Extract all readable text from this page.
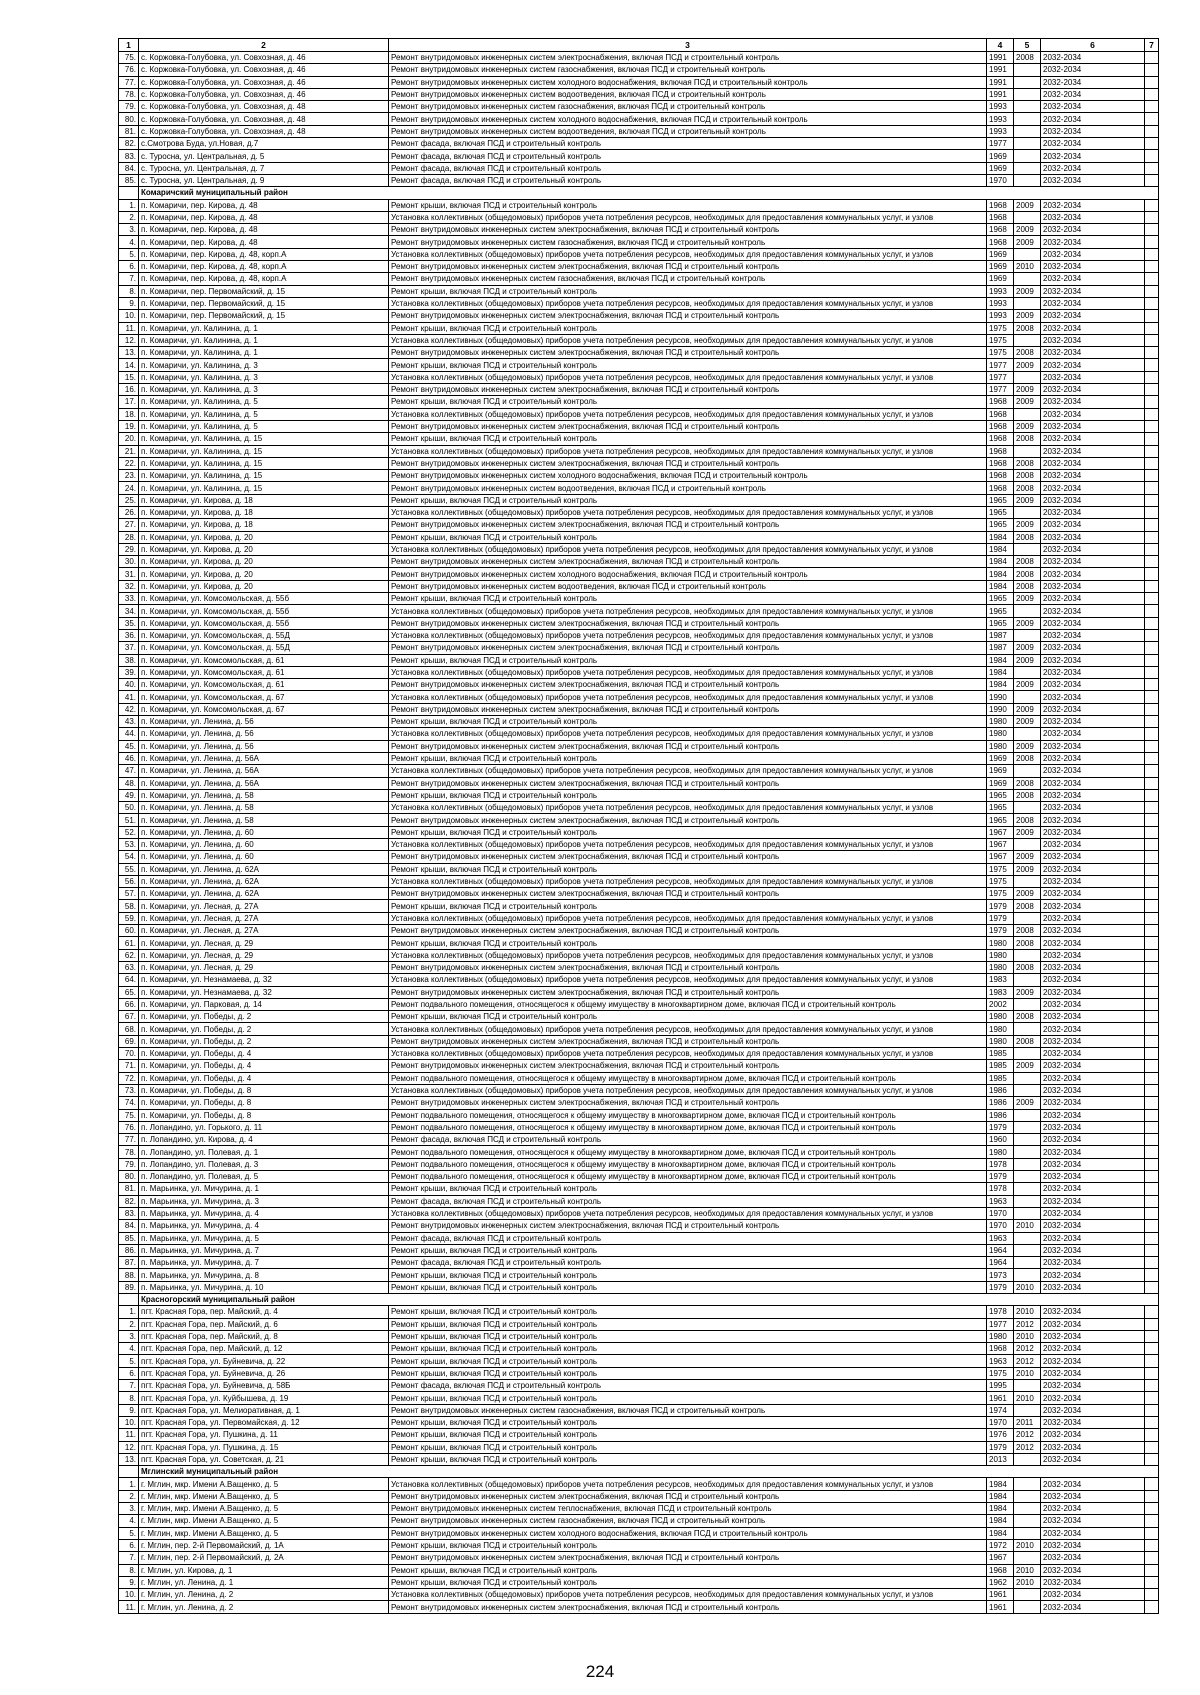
1	2	3	4	5	6	7
75.	с. Коржовка-Голубовка, ул. Совхозная, д. 46	Ремонт внутридомовых инженерных систем электроснабжения, включая ПСД и строительный контроль	1991	2008	2032-2034	
76.	с. Коржовка-Голубовка, ул. Совхозная, д. 46	Ремонт внутридомовых инженерных систем газоснабжения, включая ПСД и строительный контроль	1991		2032-2034	
77.	с. Коржовка-Голубовка, ул. Совхозная, д. 46	Ремонт внутридомовых инженерных систем холодного водоснабжения, включая ПСД и строительный контроль	1991		2032-2034	
78.	с. Коржовка-Голубовка, ул. Совхозная, д. 46	Ремонт внутридомовых инженерных систем водоотведения, включая ПСД и строительный контроль	1991		2032-2034	
79.	с. Коржовка-Голубовка, ул. Совхозная, д. 48	Ремонт внутридомовых инженерных систем газоснабжения, включая ПСД и строительный контроль	1993		2032-2034	
80.	с. Коржовка-Голубовка, ул. Совхозная, д. 48	Ремонт внутридомовых инженерных систем холодного водоснабжения, включая ПСД и строительный контроль	1993		2032-2034	
81.	с. Коржовка-Голубовка, ул. Совхозная, д. 48	Ремонт внутридомовых инженерных систем водоотведения, включая ПСД и строительный контроль	1993		2032-2034	
82.	с.Смотрова Буда, ул.Новая, д.7	Ремонт фасада, включая ПСД и строительный контроль	1977		2032-2034	
83.	с. Туросна, ул. Центральная, д. 5	Ремонт фасада, включая ПСД и строительный контроль	1969		2032-2034	
84.	с. Туросна, ул. Центральная, д. 7	Ремонт фасада, включая ПСД и строительный контроль	1969		2032-2034	
85.	с. Туросна, ул. Центральная, д. 9	Ремонт фасада, включая ПСД и строительный контроль	1970		2032-2034	
	Комаричский муниципальный район					
1.	п. Комаричи, пер. Кирова, д. 48	Ремонт крыши, включая ПСД и строительный контроль	1968	2009	2032-2034	
2.	п. Комаричи, пер. Кирова, д. 48	Установка коллективных (общедомовых) приборов учета потребления ресурсов, необходимых для предоставления коммунальных услуг, и узлов	1968		2032-2034	
3.	п. Комаричи, пер. Кирова, д. 48	Ремонт внутридомовых инженерных систем электроснабжения, включая ПСД и строительный контроль	1968	2009	2032-2034	
4.	п. Комаричи, пер. Кирова, д. 48	Ремонт внутридомовых инженерных систем газоснабжения, включая ПСД и строительный контроль	1968	2009	2032-2034	
5.	п. Комаричи, пер. Кирова, д. 48, корп.А	Установка коллективных (общедомовых) приборов учета потребления ресурсов, необходимых для предоставления коммунальных услуг, и узлов	1969		2032-2034	
6.	п. Комаричи, пер. Кирова, д. 48, корп.А	Ремонт внутридомовых инженерных систем электроснабжения, включая ПСД и строительный контроль	1969	2010	2032-2034	
7.	п. Комаричи, пер. Кирова, д. 48, корп.А	Ремонт внутридомовых инженерных систем газоснабжения, включая ПСД и строительный контроль	1969		2032-2034	
8.	п. Комаричи, пер. Первомайский, д. 15	Ремонт крыши, включая ПСД и строительный контроль	1993	2009	2032-2034	
9.	п. Комаричи, пер. Первомайский, д. 15	Установка коллективных (общедомовых) приборов учета потребления ресурсов, необходимых для предоставления коммунальных услуг, и узлов	1993		2032-2034	
10.	п. Комаричи, пер. Первомайский, д. 15	Ремонт внутридомовых инженерных систем электроснабжения, включая ПСД и строительный контроль	1993	2009	2032-2034	
11.	п. Комаричи, ул. Калинина, д. 1	Ремонт крыши, включая ПСД и строительный контроль	1975	2008	2032-2034	
12.	п. Комаричи, ул. Калинина, д. 1	Установка коллективных (общедомовых) приборов учета потребления ресурсов, необходимых для предоставления коммунальных услуг, и узлов	1975		2032-2034	
13.	п. Комаричи, ул. Калинина, д. 1	Ремонт внутридомовых инженерных систем электроснабжения, включая ПСД и строительный контроль	1975	2008	2032-2034	
14.	п. Комаричи, ул. Калинина, д. 3	Ремонт крыши, включая ПСД и строительный контроль	1977	2009	2032-2034	
15.	п. Комаричи, ул. Калинина, д. 3	Установка коллективных (общедомовых) приборов учета потребления ресурсов, необходимых для предоставления коммунальных услуг, и узлов	1977		2032-2034	
16.	п. Комаричи, ул. Калинина, д. 3	Ремонт внутридомовых инженерных систем электроснабжения, включая ПСД и строительный контроль	1977	2009	2032-2034	
17.	п. Комаричи, ул. Калинина, д. 5	Ремонт крыши, включая ПСД и строительный контроль	1968	2009	2032-2034	
18.	п. Комаричи, ул. Калинина, д. 5	Установка коллективных (общедомовых) приборов учета потребления ресурсов, необходимых для предоставления коммунальных услуг, и узлов	1968		2032-2034	
19.	п. Комаричи, ул. Калинина, д. 5	Ремонт внутридомовых инженерных систем электроснабжения, включая ПСД и строительный контроль	1968	2009	2032-2034	
20.	п. Комаричи, ул. Калинина, д. 15	Ремонт крыши, включая ПСД и строительный контроль	1968	2008	2032-2034	
21.	п. Комаричи, ул. Калинина, д. 15	Установка коллективных (общедомовых) приборов учета потребления ресурсов, необходимых для предоставления коммунальных услуг, и узлов	1968		2032-2034	
22.	п. Комаричи, ул. Калинина, д. 15	Ремонт внутридомовых инженерных систем электроснабжения, включая ПСД и строительный контроль	1968	2008	2032-2034	
23.	п. Комаричи, ул. Калинина, д. 15	Ремонт внутридомовых инженерных систем холодного водоснабжения, включая ПСД и строительный контроль	1968	2008	2032-2034	
24.	п. Комаричи, ул. Калинина, д. 15	Ремонт внутридомовых инженерных систем водоотведения, включая ПСД и строительный контроль	1968	2008	2032-2034	
25.	п. Комаричи, ул. Кирова, д. 18	Ремонт крыши, включая ПСД и строительный контроль	1965	2009	2032-2034	
26.	п. Комаричи, ул. Кирова, д. 18	Установка коллективных (общедомовых) приборов учета потребления ресурсов, необходимых для предоставления коммунальных услуг, и узлов	1965		2032-2034	
27.	п. Комаричи, ул. Кирова, д. 18	Ремонт внутридомовых инженерных систем электроснабжения, включая ПСД и строительный контроль	1965	2009	2032-2034	
28.	п. Комаричи, ул. Кирова, д. 20	Ремонт крыши, включая ПСД и строительный контроль	1984	2008	2032-2034	
29.	п. Комаричи, ул. Кирова, д. 20	Установка коллективных (общедомовых) приборов учета потребления ресурсов, необходимых для предоставления коммунальных услуг, и узлов	1984		2032-2034	
30.	п. Комаричи, ул. Кирова, д. 20	Ремонт внутридомовых инженерных систем электроснабжения, включая ПСД и строительный контроль	1984	2008	2032-2034	
31.	п. Комаричи, ул. Кирова, д. 20	Ремонт внутридомовых инженерных систем холодного водоснабжения, включая ПСД и строительный контроль	1984	2008	2032-2034	
32.	п. Комаричи, ул. Кирова, д. 20	Ремонт внутридомовых инженерных систем водоотведения, включая ПСД и строительный контроль	1984	2008	2032-2034	
33.	п. Комаричи, ул. Комсомольская, д. 55б	Ремонт крыши, включая ПСД и строительный контроль	1965	2009	2032-2034	
34.	п. Комаричи, ул. Комсомольская, д. 55б	Установка коллективных (общедомовых) приборов учета потребления ресурсов, необходимых для предоставления коммунальных услуг, и узлов	1965		2032-2034	
35.	п. Комаричи, ул. Комсомольская, д. 55б	Ремонт внутридомовых инженерных систем электроснабжения, включая ПСД и строительный контроль	1965	2009	2032-2034	
36.	п. Комаричи, ул. Комсомольская, д. 55Д	Установка коллективных (общедомовых) приборов учета потребления ресурсов, необходимых для предоставления коммунальных услуг, и узлов	1987		2032-2034	
37.	п. Комаричи, ул. Комсомольская, д. 55Д	Ремонт внутридомовых инженерных систем электроснабжения, включая ПСД и строительный контроль	1987	2009	2032-2034	
38.	п. Комаричи, ул. Комсомольская, д. 61	Ремонт крыши, включая ПСД и строительный контроль	1984	2009	2032-2034	
39.	п. Комаричи, ул. Комсомольская, д. 61	Установка коллективных (общедомовых) приборов учета потребления ресурсов, необходимых для предоставления коммунальных услуг, и узлов	1984		2032-2034	
40.	п. Комаричи, ул. Комсомольская, д. 61	Ремонт внутридомовых инженерных систем электроснабжения, включая ПСД и строительный контроль	1984	2009	2032-2034	
41.	п. Комаричи, ул. Комсомольская, д. 67	Установка коллективных (общедомовых) приборов учета потребления ресурсов, необходимых для предоставления коммунальных услуг, и узлов	1990		2032-2034	
42.	п. Комаричи, ул. Комсомольская, д. 67	Ремонт внутридомовых инженерных систем электроснабжения, включая ПСД и строительный контроль	1990	2009	2032-2034	
43.	п. Комаричи, ул. Ленина, д. 56	Ремонт крыши, включая ПСД и строительный контроль	1980	2009	2032-2034	
44.	п. Комаричи, ул. Ленина, д. 56	Установка коллективных (общедомовых) приборов учета потребления ресурсов, необходимых для предоставления коммунальных услуг, и узлов	1980		2032-2034	
45.	п. Комаричи, ул. Ленина, д. 56	Ремонт внутридомовых инженерных систем электроснабжения, включая ПСД и строительный контроль	1980	2009	2032-2034	
46.	п. Комаричи, ул. Ленина, д. 56А	Ремонт крыши, включая ПСД и строительный контроль	1969	2008	2032-2034	
47.	п. Комаричи, ул. Ленина, д. 56А	Установка коллективных (общедомовых) приборов учета потребления ресурсов, необходимых для предоставления коммунальных услуг, и узлов	1969		2032-2034	
48.	п. Комаричи, ул. Ленина, д. 56А	Ремонт внутридомовых инженерных систем электроснабжения, включая ПСД и строительный контроль	1969	2008	2032-2034	
49.	п. Комаричи, ул. Ленина, д. 58	Ремонт крыши, включая ПСД и строительный контроль	1965	2008	2032-2034	
50.	п. Комаричи, ул. Ленина, д. 58	Установка коллективных (общедомовых) приборов учета потребления ресурсов, необходимых для предоставления коммунальных услуг, и узлов	1965		2032-2034	
51.	п. Комаричи, ул. Ленина, д. 58	Ремонт внутридомовых инженерных систем электроснабжения, включая ПСД и строительный контроль	1965	2008	2032-2034	
52.	п. Комаричи, ул. Ленина, д. 60	Ремонт крыши, включая ПСД и строительный контроль	1967	2009	2032-2034	
53.	п. Комаричи, ул. Ленина, д. 60	Установка коллективных (общедомовых) приборов учета потребления ресурсов, необходимых для предоставления коммунальных услуг, и узлов	1967		2032-2034	
54.	п. Комаричи, ул. Ленина, д. 60	Ремонт внутридомовых инженерных систем электроснабжения, включая ПСД и строительный контроль	1967	2009	2032-2034	
55.	п. Комаричи, ул. Ленина, д. 62А	Ремонт крыши, включая ПСД и строительный контроль	1975	2009	2032-2034	
56.	п. Комаричи, ул. Ленина, д. 62А	Установка коллективных (общедомовых) приборов учета потребления ресурсов, необходимых для предоставления коммунальных услуг, и узлов	1975		2032-2034	
57.	п. Комаричи, ул. Ленина, д. 62А	Ремонт внутридомовых инженерных систем электроснабжения, включая ПСД и строительный контроль	1975	2009	2032-2034	
58.	п. Комаричи, ул. Лесная, д. 27А	Ремонт крыши, включая ПСД и строительный контроль	1979	2008	2032-2034	
59.	п. Комаричи, ул. Лесная, д. 27А	Установка коллективных (общедомовых) приборов учета потребления ресурсов, необходимых для предоставления коммунальных услуг, и узлов	1979		2032-2034	
60.	п. Комаричи, ул. Лесная, д. 27А	Ремонт внутридомовых инженерных систем электроснабжения, включая ПСД и строительный контроль	1979	2008	2032-2034	
61.	п. Комаричи, ул. Лесная, д. 29	Ремонт крыши, включая ПСД и строительный контроль	1980	2008	2032-2034	
62.	п. Комаричи, ул. Лесная, д. 29	Установка коллективных (общедомовых) приборов учета потребления ресурсов, необходимых для предоставления коммунальных услуг, и узлов	1980		2032-2034	
63.	п. Комаричи, ул. Лесная, д. 29	Ремонт внутридомовых инженерных систем электроснабжения, включая ПСД и строительный контроль	1980	2008	2032-2034	
64.	п. Комаричи, ул. Незнамаева, д. 32	Установка коллективных (общедомовых) приборов учета потребления ресурсов, необходимых для предоставления коммунальных услуг, и узлов	1983		2032-2034	
65.	п. Комаричи, ул. Незнамаева, д. 32	Ремонт внутридомовых инженерных систем электроснабжения, включая ПСД и строительный контроль	1983	2009	2032-2034	
66.	п. Комаричи, ул. Парковая, д. 14	Ремонт подвального помещения, относящегося к общему имуществу в многоквартирном доме, включая ПСД и строительный контроль	2002		2032-2034	
67.	п. Комаричи, ул. Победы, д. 2	Ремонт крыши, включая ПСД и строительный контроль	1980	2008	2032-2034	
68.	п. Комаричи, ул. Победы, д. 2	Установка коллективных (общедомовых) приборов учета потребления ресурсов, необходимых для предоставления коммунальных услуг, и узлов	1980		2032-2034	
69.	п. Комаричи, ул. Победы, д. 2	Ремонт внутридомовых инженерных систем электроснабжения, включая ПСД и строительный контроль	1980	2008	2032-2034	
70.	п. Комаричи, ул. Победы, д. 4	Установка коллективных (общедомовых) приборов учета потребления ресурсов, необходимых для предоставления коммунальных услуг, и узлов	1985		2032-2034	
71.	п. Комаричи, ул. Победы, д. 4	Ремонт внутридомовых инженерных систем электроснабжения, включая ПСД и строительный контроль	1985	2009	2032-2034	
72.	п. Комаричи, ул. Победы, д. 4	Ремонт подвального помещения, относящегося к общему имуществу в многоквартирном доме, включая ПСД и строительный контроль	1985		2032-2034	
73.	п. Комаричи, ул. Победы, д. 8	Установка коллективных (общедомовых) приборов учета потребления ресурсов, необходимых для предоставления коммунальных услуг, и узлов	1986		2032-2034	
74.	п. Комаричи, ул. Победы, д. 8	Ремонт внутридомовых инженерных систем электроснабжения, включая ПСД и строительный контроль	1986	2009	2032-2034	
75.	п. Комаричи, ул. Победы, д. 8	Ремонт подвального помещения, относящегося к общему имуществу в многоквартирном доме, включая ПСД и строительный контроль	1986		2032-2034	
76.	п. Лопандино, ул. Горького, д. 11	Ремонт подвального помещения, относящегося к общему имуществу в многоквартирном доме, включая ПСД и строительный контроль	1979		2032-2034	
77.	п. Лопандино, ул. Кирова, д. 4	Ремонт фасада, включая ПСД и строительный контроль	1960		2032-2034	
78.	п. Лопандино, ул. Полевая, д. 1	Ремонт подвального помещения, относящегося к общему имуществу в многоквартирном доме, включая ПСД и строительный контроль	1980		2032-2034	
79.	п. Лопандино, ул. Полевая, д. 3	Ремонт подвального помещения, относящегося к общему имуществу в многоквартирном доме, включая ПСД и строительный контроль	1978		2032-2034	
80.	п. Лопандино, ул. Полевая, д. 5	Ремонт подвального помещения, относящегося к общему имуществу в многоквартирном доме, включая ПСД и строительный контроль	1979		2032-2034	
81.	п. Марьинка, ул. Мичурина, д. 1	Ремонт крыши, включая ПСД и строительный контроль	1978		2032-2034	
82.	п. Марьинка, ул. Мичурина, д. 3	Ремонт фасада, включая ПСД и строительный контроль	1963		2032-2034	
83.	п. Марьинка, ул. Мичурина, д. 4	Установка коллективных (общедомовых) приборов учета потребления ресурсов, необходимых для предоставления коммунальных услуг, и узлов	1970		2032-2034	
84.	п. Марьинка, ул. Мичурина, д. 4	Ремонт внутридомовых инженерных систем электроснабжения, включая ПСД и строительный контроль	1970	2010	2032-2034	
85.	п. Марьинка, ул. Мичурина, д. 5	Ремонт фасада, включая ПСД и строительный контроль	1963		2032-2034	
86.	п. Марьинка, ул. Мичурина, д. 7	Ремонт крыши, включая ПСД и строительный контроль	1964		2032-2034	
87.	п. Марьинка, ул. Мичурина, д. 7	Ремонт фасада, включая ПСД и строительный контроль	1964		2032-2034	
88.	п. Марьинка, ул. Мичурина, д. 8	Ремонт крыши, включая ПСД и строительный контроль	1973		2032-2034	
89.	п. Марьинка, ул. Мичурина, д. 10	Ремонт крыши, включая ПСД и строительный контроль	1979	2010	2032-2034	
	Красногорский муниципальный район					
1.	пгт. Красная Гора, пер. Майский, д. 4	Ремонт крыши, включая ПСД и строительный контроль	1978	2010	2032-2034	
2.	пгт. Красная Гора, пер. Майский, д. 6	Ремонт крыши, включая ПСД и строительный контроль	1977	2012	2032-2034	
3.	пгт. Красная Гора, пер. Майский, д. 8	Ремонт крыши, включая ПСД и строительный контроль	1980	2010	2032-2034	
4.	пгт. Красная Гора, пер. Майский, д. 12	Ремонт крыши, включая ПСД и строительный контроль	1968	2012	2032-2034	
5.	пгт. Красная Гора, ул. Буйневича, д. 22	Ремонт крыши, включая ПСД и строительный контроль	1963	2012	2032-2034	
6.	пгт. Красная Гора, ул. Буйневича, д. 26	Ремонт крыши, включая ПСД и строительный контроль	1975	2010	2032-2034	
7.	пгт. Красная Гора, ул. Буйневича, д. 58Б	Ремонт фасада, включая ПСД и строительный контроль	1995		2032-2034	
8.	пгт. Красная Гора, ул. Куйбышева, д. 19	Ремонт крыши, включая ПСД и строительный контроль	1961	2010	2032-2034	
9.	пгт. Красная Гора, ул. Мелиоративная, д. 1	Ремонт внутридомовых инженерных систем газоснабжения, включая ПСД и строительный контроль	1974		2032-2034	
10.	пгт. Красная Гора, ул. Первомайская, д. 12	Ремонт крыши, включая ПСД и строительный контроль	1970	2011	2032-2034	
11.	пгт. Красная Гора, ул. Пушкина, д. 11	Ремонт крыши, включая ПСД и строительный контроль	1976	2012	2032-2034	
12.	пгт. Красная Гора, ул. Пушкина, д. 15	Ремонт крыши, включая ПСД и строительный контроль	1979	2012	2032-2034	
13.	пгт. Красная Гора, ул. Советская, д. 21	Ремонт крыши, включая ПСД и строительный контроль	2013		2032-2034	
	Мглинский муниципальный район					
1.	г. Мглин, мкр. Имени А.Ващенко, д. 5	Установка коллективных (общедомовых) приборов учета потребления ресурсов, необходимых для предоставления коммунальных услуг, и узлов	1984		2032-2034	
2.	г. Мглин, мкр. Имени А.Ващенко, д. 5	Ремонт внутридомовых инженерных систем электроснабжения, включая ПСД и строительный контроль	1984		2032-2034	
3.	г. Мглин, мкр. Имени А.Ващенко, д. 5	Ремонт внутридомовых инженерных систем теплоснабжения, включая ПСД и строительный контроль	1984		2032-2034	
4.	г. Мглин, мкр. Имени А.Ващенко, д. 5	Ремонт внутридомовых инженерных систем газоснабжения, включая ПСД и строительный контроль	1984		2032-2034	
5.	г. Мглин, мкр. Имени А.Ващенко, д. 5	Ремонт внутридомовых инженерных систем холодного водоснабжения, включая ПСД и строительный контроль	1984		2032-2034	
6.	г. Мглин, пер. 2-й Первомайский, д. 1А	Ремонт крыши, включая ПСД и строительный контроль	1972	2010	2032-2034	
7.	г. Мглин, пер. 2-й Первомайский, д. 2А	Ремонт внутридомовых инженерных систем электроснабжения, включая ПСД и строительный контроль	1967		2032-2034	
8.	г. Мглин, ул. Кирова, д. 1	Ремонт крыши, включая ПСД и строительный контроль	1968	2010	2032-2034	
9.	г. Мглин, ул. Ленина, д. 1	Ремонт крыши, включая ПСД и строительный контроль	1962	2010	2032-2034	
10.	г. Мглин, ул. Ленина, д. 2	Установка коллективных (общедомовых) приборов учета потребления ресурсов, необходимых для предоставления коммунальных услуг, и узлов	1961		2032-2034	
11.	г. Мглин, ул. Ленина, д. 2	Ремонт внутридомовых инженерных систем электроснабжения, включая ПСД и строительный контроль	1961		2032-2034	
224
